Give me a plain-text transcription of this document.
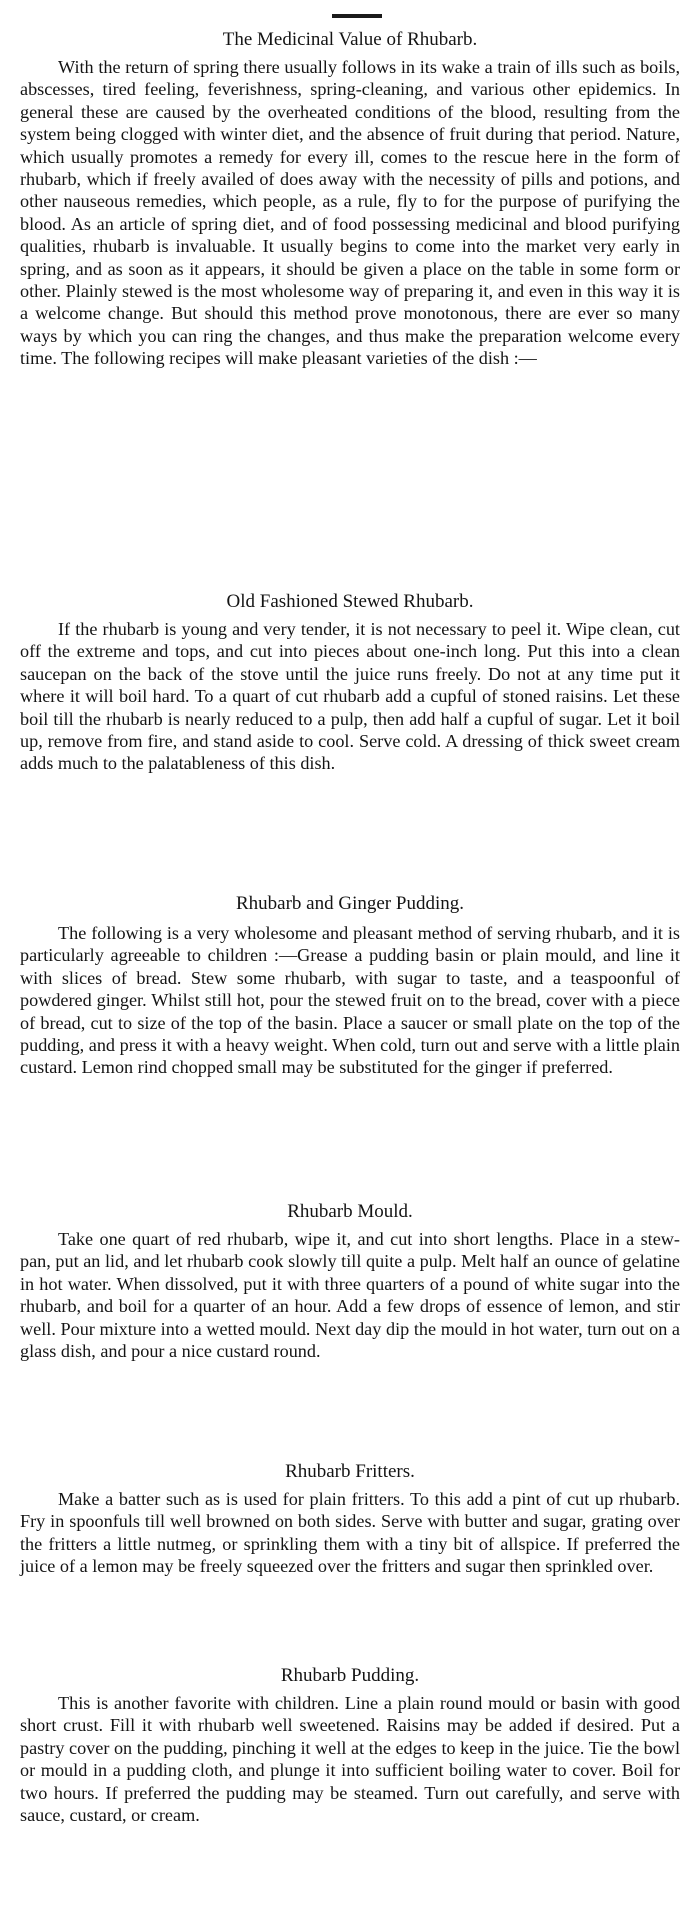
The Medicinal Value of Rhubarb.

With the return of spring there usually follows in its wake a train of ills such as boils, abscesses, tired feeling, feverishness, spring-cleaning, and various other epidemics. In general these are caused by the overheated conditions of the blood, resulting from the system being clogged with winter diet, and the absence of fruit during that period. Nature, which usually promotes a remedy for every ill, comes to the rescue here in the form of rhubarb, which if freely availed of does away with the necessity of pills and potions, and other nauseous remedies, which people, as a rule, fly to for the purpose of purifying the blood. As an article of spring diet, and of food possessing medicinal and blood purifying qualities, rhubarb is invaluable. It usually begins to come into the market very early in spring, and as soon as it appears, it should be given a place on the table in some form or other. Plainly stewed is the most wholesome way of preparing it, and even in this way it is a welcome change. But should this method prove monotonous, there are ever so many ways by which you can ring the changes, and thus make the preparation welcome every time. The following recipes will make pleasant varieties of the dish :—

Old Fashioned Stewed Rhubarb.

If the rhubarb is young and very tender, it is not necessary to peel it. Wipe clean, cut off the extreme and tops, and cut into pieces about one-inch long. Put this into a clean saucepan on the back of the stove until the juice runs freely. Do not at any time put it where it will boil hard. To a quart of cut rhubarb add a cupful of stoned raisins. Let these boil till the rhubarb is nearly reduced to a pulp, then add half a cupful of sugar. Let it boil up, remove from fire, and stand aside to cool. Serve cold. A dressing of thick sweet cream adds much to the palatableness of this dish.

Rhubarb and Ginger Pudding.

The following is a very wholesome and pleasant method of serving rhubarb, and it is particularly agreeable to children :—Grease a pudding basin or plain mould, and line it with slices of bread. Stew some rhubarb, with sugar to taste, and a teaspoonful of powdered ginger. Whilst still hot, pour the stewed fruit on to the bread, cover with a piece of bread, cut to size of the top of the basin. Place a saucer or small plate on the top of the pudding, and press it with a heavy weight. When cold, turn out and serve with a little plain custard. Lemon rind chopped small may be substituted for the ginger if preferred.

Rhubarb Mould.

Take one quart of red rhubarb, wipe it, and cut into short lengths. Place in a stew-pan, put an lid, and let rhubarb cook slowly till quite a pulp. Melt half an ounce of gelatine in hot water. When dissolved, put it with three quarters of a pound of white sugar into the rhubarb, and boil for a quarter of an hour. Add a few drops of essence of lemon, and stir well. Pour mixture into a wetted mould. Next day dip the mould in hot water, turn out on a glass dish, and pour a nice custard round.

Rhubarb Fritters.

Make a batter such as is used for plain fritters. To this add a pint of cut up rhubarb. Fry in spoonfuls till well browned on both sides. Serve with butter and sugar, grating over the fritters a little nutmeg, or sprinkling them with a tiny bit of allspice. If preferred the juice of a lemon may be freely squeezed over the fritters and sugar then sprinkled over.

Rhubarb Pudding.

This is another favorite with children. Line a plain round mould or basin with good short crust. Fill it with rhubarb well sweetened. Raisins may be added if desired. Put a pastry cover on the pudding, pinching it well at the edges to keep in the juice. Tie the bowl or mould in a pudding cloth, and plunge it into sufficient boiling water to cover. Boil for two hours. If preferred the pudding may be steamed. Turn out carefully, and serve with sauce, custard, or cream.
